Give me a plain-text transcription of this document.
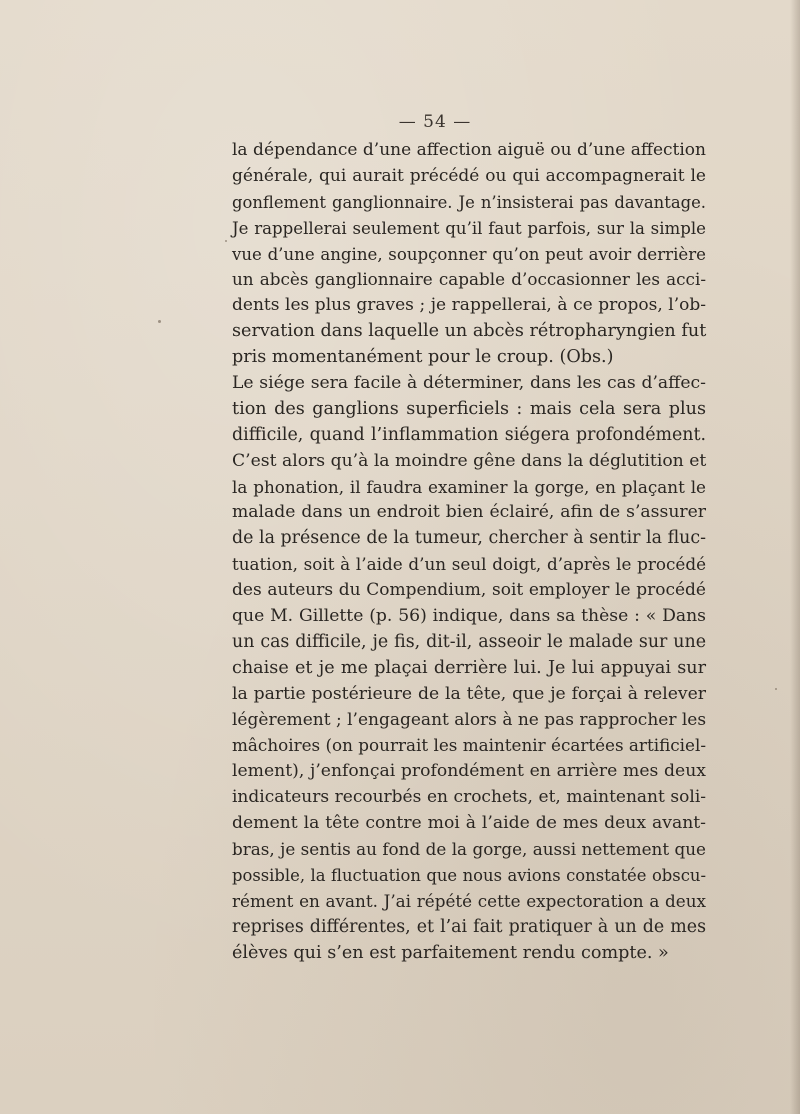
— 54 —
la dépendance d’une affection aiguë ou d’une affection
générale, qui aurait précédé ou qui accompagnerait le
gonflement ganglionnaire. Je n’insisterai pas davantage.
Je rappellerai seulement qu’il faut parfois, sur la simple
vue d’une angine, soupçonner qu’on peut avoir derrière
un abcès ganglionnaire capable d’occasionner les acci-
dents les plus graves ; je rappellerai, à ce propos, l’ob-
servation dans laquelle un abcès rétropharyngien fut
pris momentanément pour le croup. (Obs.)
Le siége sera facile à déterminer, dans les cas d’affec-
tion des ganglions superficiels : mais cela sera plus
difficile, quand l’inflammation siégera profondément.
C’est alors qu’à la moindre gêne dans la déglutition et
la phonation, il faudra examiner la gorge, en plaçant le
malade dans un endroit bien éclairé, afin de s’assurer
de la présence de la tumeur, chercher à sentir la fluc-
tuation, soit à l’aide d’un seul doigt, d’après le procédé
des auteurs du Compendium, soit employer le procédé
que M. Gillette (p. 56) indique, dans sa thèse : « Dans
un cas difficile, je fis, dit-il, asseoir le malade sur une
chaise et je me plaçai derrière lui. Je lui appuyai sur
la partie postérieure de la tête, que je forçai à relever
légèrement ; l’engageant alors à ne pas rapprocher les
mâchoires (on pourrait les maintenir écartées artificiel-
lement), j’enfonçai profondément en arrière mes deux
indicateurs recourbés en crochets, et, maintenant soli-
dement la tête contre moi à l’aide de mes deux avant-
bras, je sentis au fond de la gorge, aussi nettement que
possible, la fluctuation que nous avions constatée obscu-
rément en avant. J’ai répété cette expectoration a deux
reprises différentes, et l’ai fait pratiquer à un de mes
élèves qui s’en est parfaitement rendu compte. »
